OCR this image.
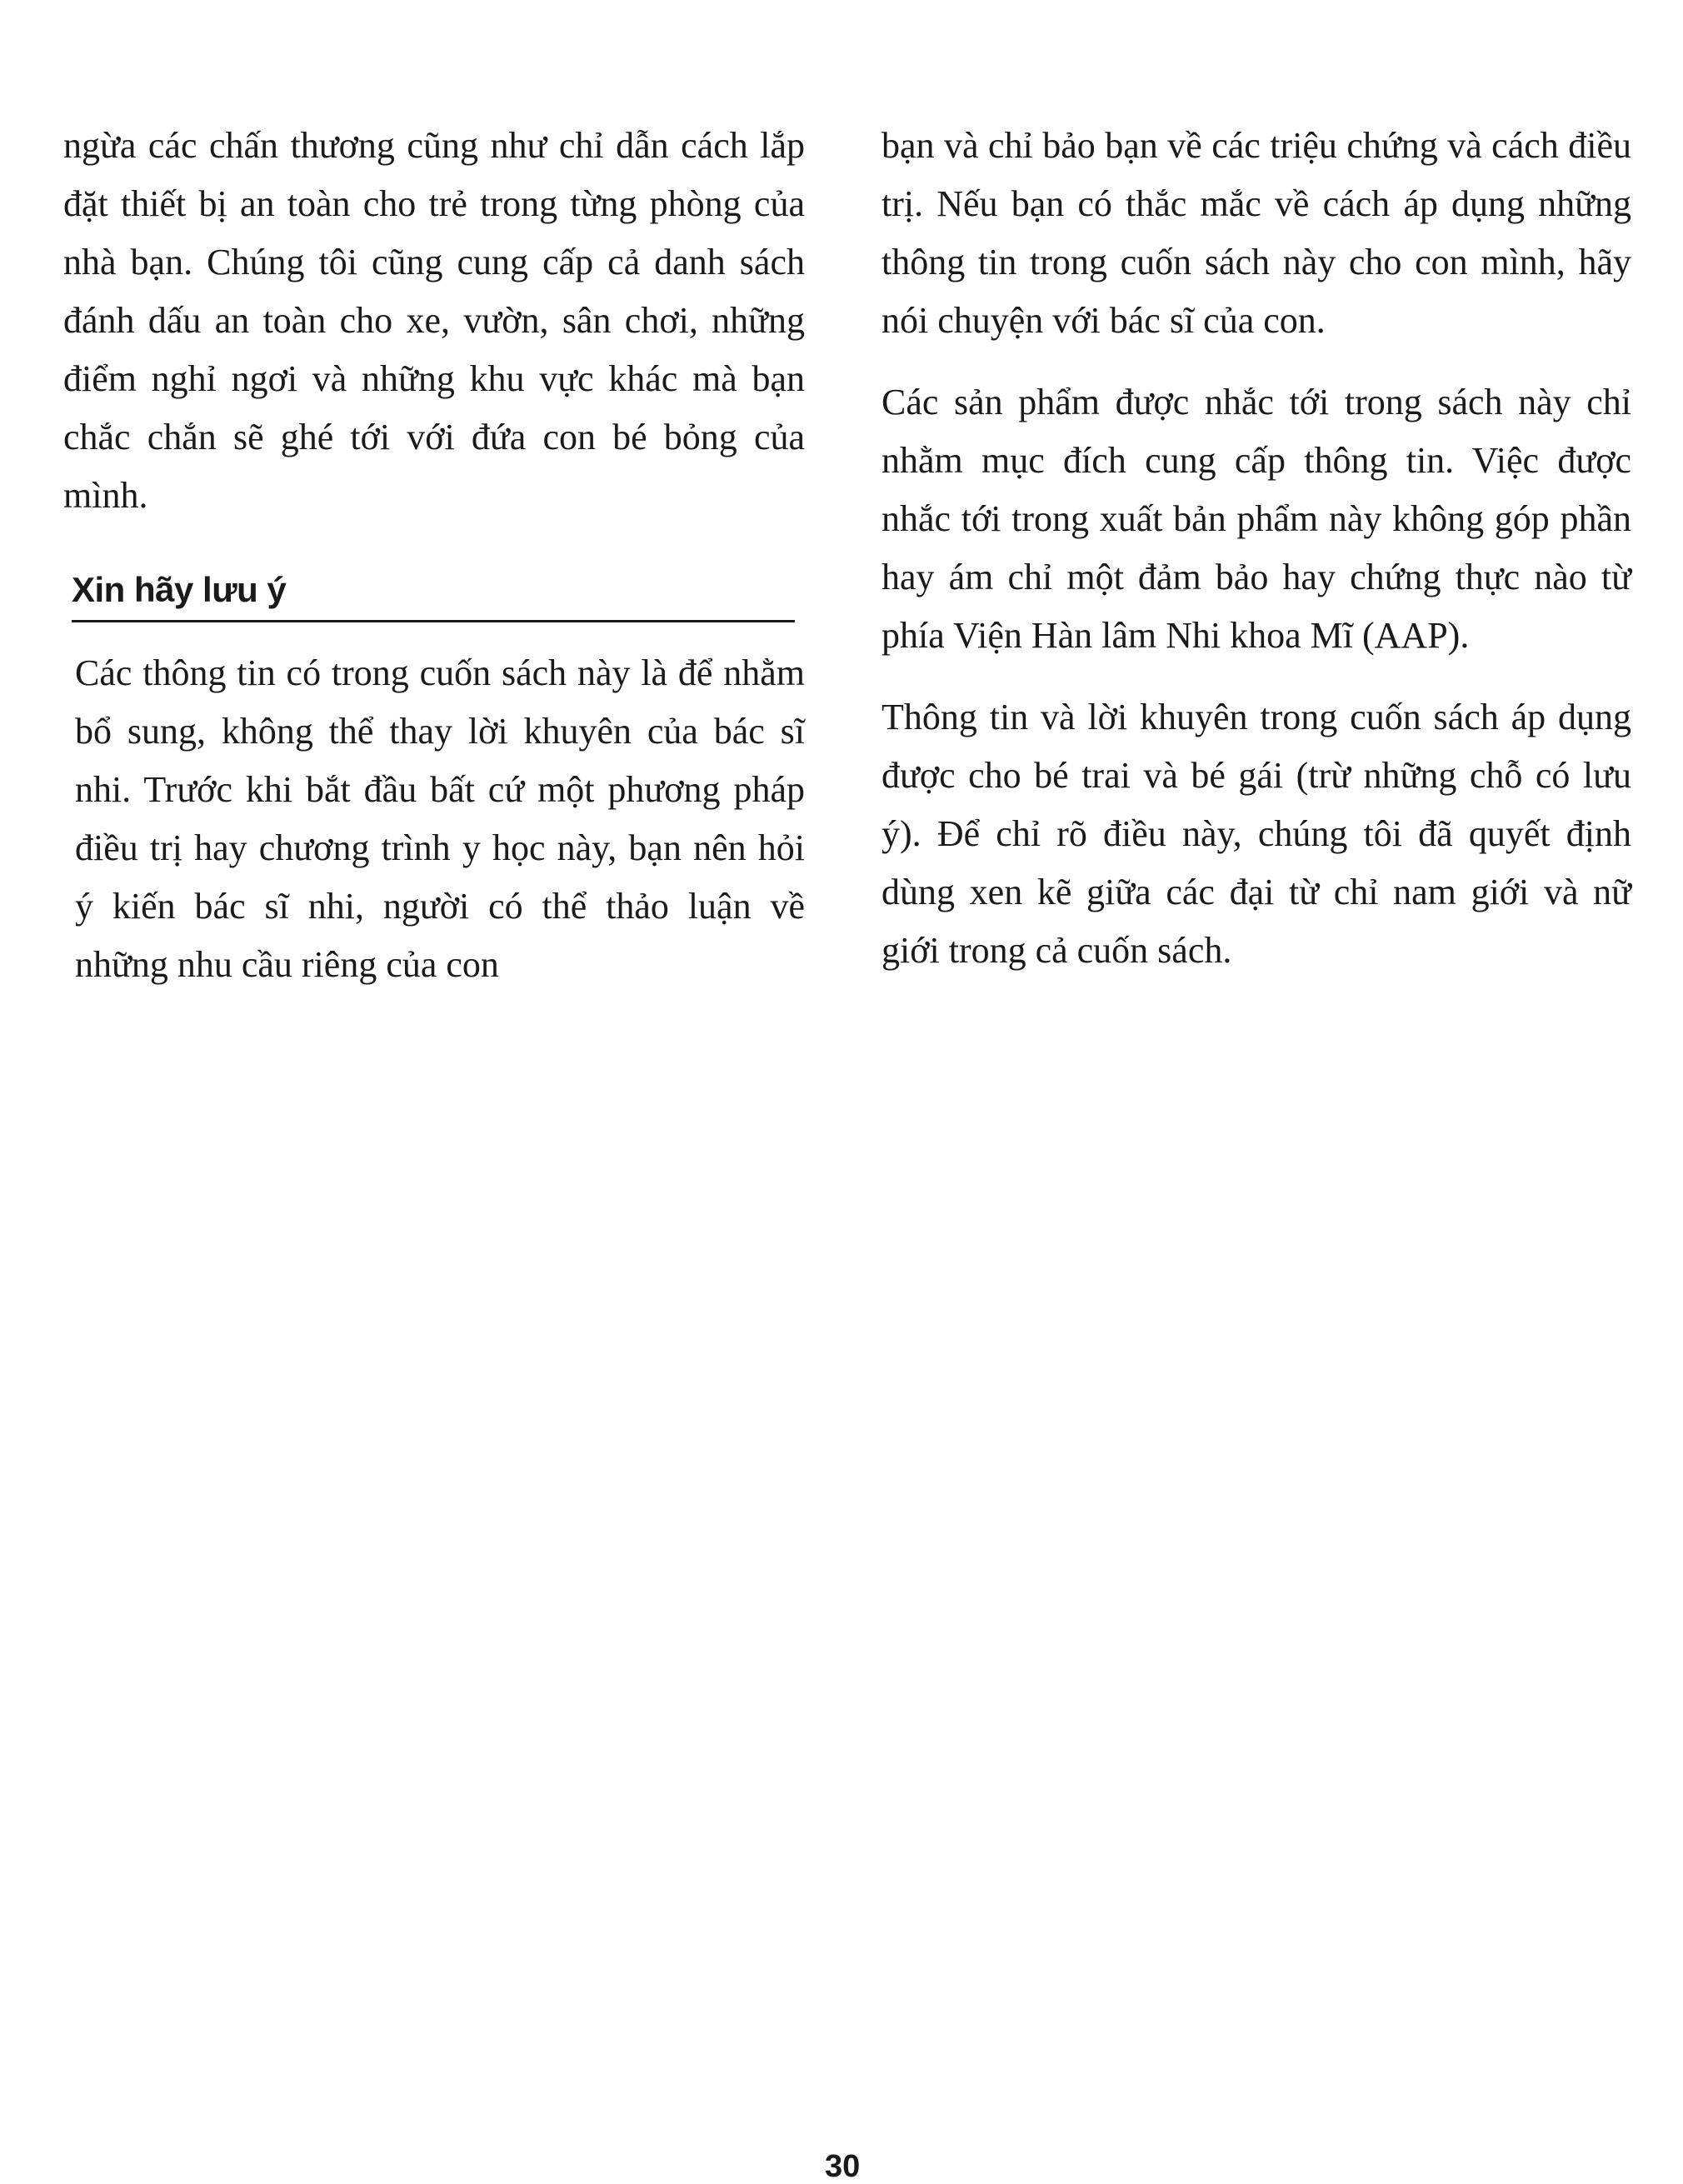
ngừa các chấn thương cũng như chỉ dẫn cách lắp đặt thiết bị an toàn cho trẻ trong từng phòng của nhà bạn. Chúng tôi cũng cung cấp cả danh sách đánh dấu an toàn cho xe, vườn, sân chơi, những điểm nghỉ ngơi và những khu vực khác mà bạn chắc chắn sẽ ghé tới với đứa con bé bỏng của mình.

Xin hãy lưu ý

Các thông tin có trong cuốn sách này là để nhằm bổ sung, không thể thay lời khuyên của bác sĩ nhi. Trước khi bắt đầu bất cứ một phương pháp điều trị hay chương trình y học này, bạn nên hỏi ý kiến bác sĩ nhi, người có thể thảo luận về những nhu cầu riêng của con

bạn và chỉ bảo bạn về các triệu chứng và cách điều trị. Nếu bạn có thắc mắc về cách áp dụng những thông tin trong cuốn sách này cho con mình, hãy nói chuyện với bác sĩ của con.

Các sản phẩm được nhắc tới trong sách này chỉ nhằm mục đích cung cấp thông tin. Việc được nhắc tới trong xuất bản phẩm này không góp phần hay ám chỉ một đảm bảo hay chứng thực nào từ phía Viện Hàn lâm Nhi khoa Mĩ (AAP).

Thông tin và lời khuyên trong cuốn sách áp dụng được cho bé trai và bé gái (trừ những chỗ có lưu ý). Để chỉ rõ điều này, chúng tôi đã quyết định dùng xen kẽ giữa các đại từ chỉ nam giới và nữ giới trong cả cuốn sách.

30
